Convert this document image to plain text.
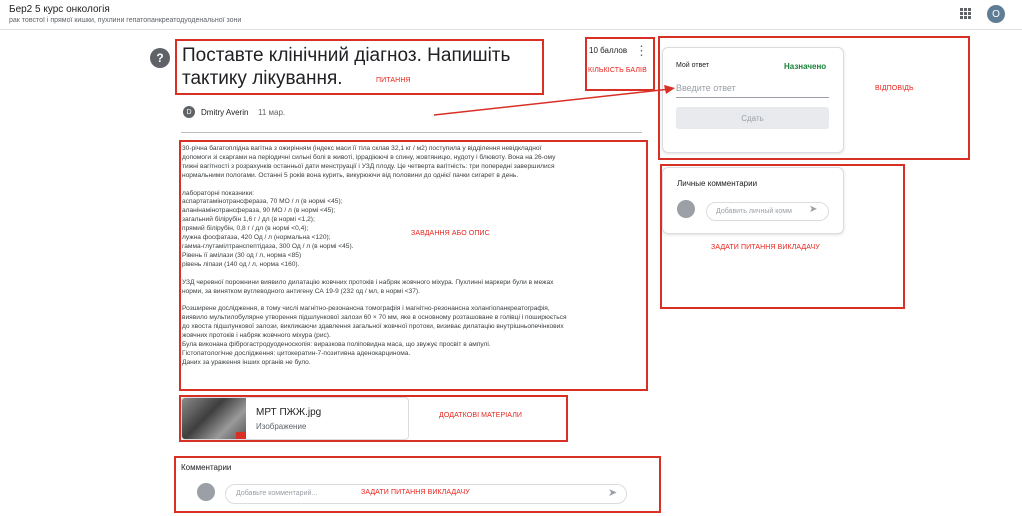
Бер2 5 курс онкологія
рак товстої і прямої кишки, пухлини гепатопанкреатодуоденальної зони
O
? Поставте клінічний діагноз. Напишіть тактику лікування.
10 баллов ⋮
D	Dmitry Averin 11 мар.
30-річна багатоплідна вагітна з ожирінням (індекс маси її тіла склав 32,1 кг / м2) поступила у відділення невідкладної
допомоги зі скаргами на періодичні сильні болі в животі, іррадіюючі в спину, жовтяницю, нудоту і блювоту. Вона на 26-ому
тижні вагітності з розрахунків останньої дати менструації і УЗД плоду. Це четверта вагітність: три попередні завершилися
нормальними пологами. Останні 5 років вона курить, викурюючи від половини до однієї пачки сигарет в день.

лабораторні показники:
аспартатамінотрансфераза, 70 МО / л (в нормі <45);
аланінамінотрансфераза, 90 МО / л (в нормі <45);
загальний білірубін 1,6 г / дл (в нормі <1,2);
прямий білірубін, 0,8 г / дл (в нормі <0,4);
лужна фосфатаза, 420 Од / л (нормальна <120);
гамма-глутамілтранспептідаза, 300 Од / л (в нормі <45).
Рівень її амілази (30 од / л, норма <85)
рівень ліпази (140 од / л, норма <160).

УЗД черевної порожнини виявило дилатацію жовчних протоків і набряк жовчного міхура. Пухлинні маркери були в межах
норми, за винятком вуглеводного антигену СА 19-9 (232 од / мл, в нормі <37).

Розширене дослідження, в тому числі магнітно-резонансна томографія і магнітно-резонансна холангіопанкреатографія,
виявило мультилобулярне утворення підшлункової залози 60 × 70 мм, яке в основному розташоване в голівці і поширюється
до хвоста підшлункової залози, викликаючи здавлення загальної жовчної протоки, визиває дилатацію внутрішньопечінкових
жовчних протоків і набряк жовчного міхура (рис).
Була виконана фіброгастродуоденоскопія: виразкова поліповидна маса, що звужує просвіт в ампулі.
Гістопатологічне дослідження: цитокератин-7-позитивна аденокарцинома.
Даних за ураження інших органів не було.
МРТ ПЖЖ.jpg
Изображение
Комментарии
Добавьте комментарий...	➤
Мой ответ	Назначено
Введите ответ
Сдать
Личные комментарии
Добавить личный комм	➤
ПИТАННЯ
КІЛЬКІСТЬ БАЛІВ
ВІДПОВІДЬ
ЗАВДАННЯ АБО ОПИС
ЗАДАТИ ПИТАННЯ ВИКЛАДАЧУ
ДОДАТКОВІ МАТЕРІАЛИ
ЗАДАТИ ПИТАННЯ ВИКЛАДАЧУ
